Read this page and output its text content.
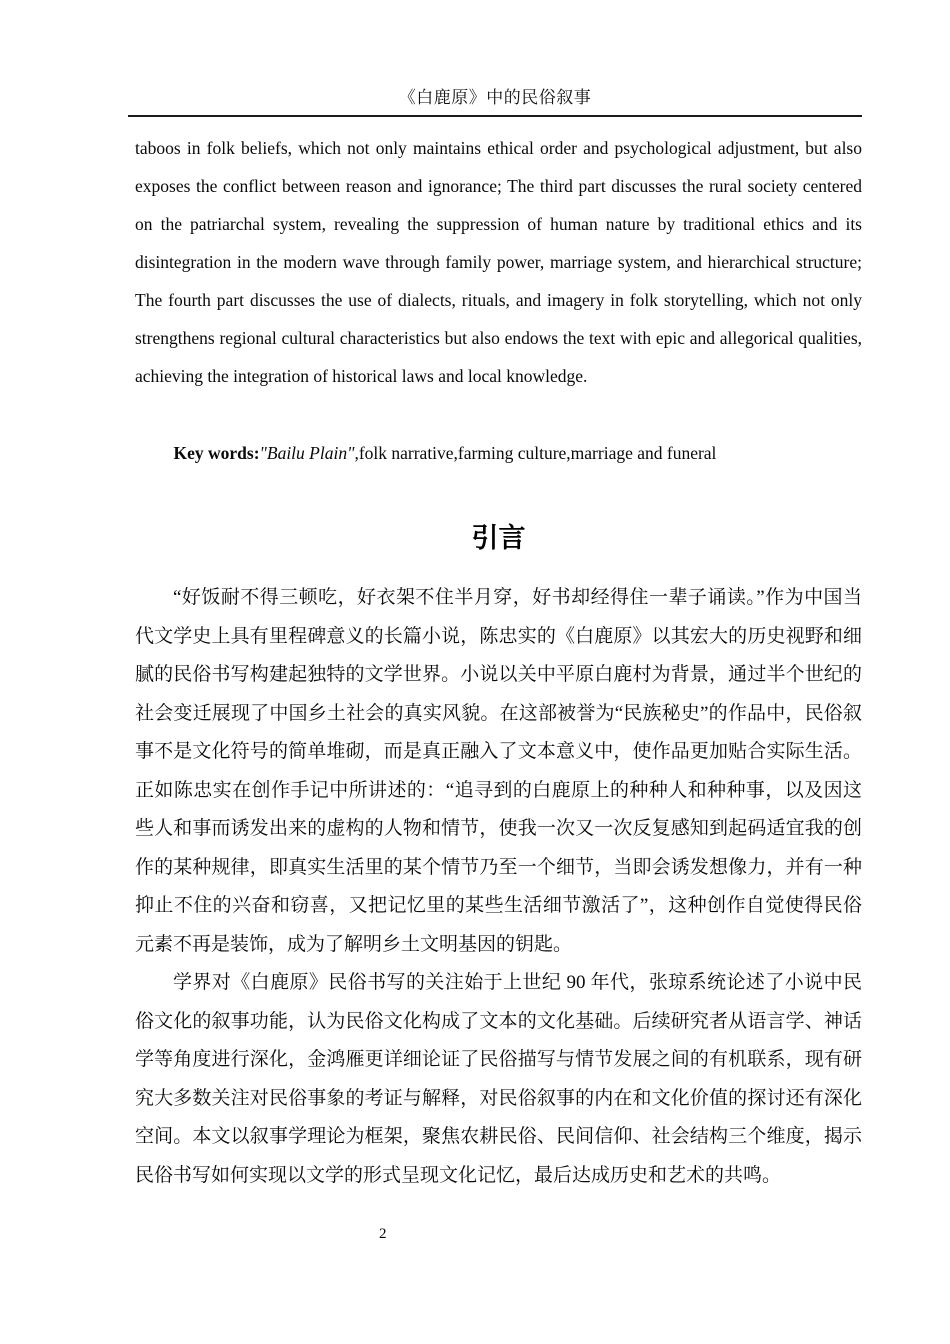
《白鹿原》中的民俗叙事

taboos in folk beliefs, which not only maintains ethical order and psychological adjustment, but also exposes the conflict between reason and ignorance; The third part discusses the rural society centered on the patriarchal system, revealing the suppression of human nature by traditional ethics and its disintegration in the modern wave through family power, marriage system, and hierarchical structure; The fourth part discusses the use of dialects, rituals, and imagery in folk storytelling, which not only strengthens regional cultural characteristics but also endows the text with epic and allegorical qualities, achieving the integration of historical laws and local knowledge.

Key words:"Bailu Plain",folk narrative,farming culture,marriage and funeral

引言

“好饭耐不得三顿吃，好衣架不住半月穿，好书却经得住一辈子诵读。”作为中国当代文学史上具有里程碑意义的长篇小说，陈忠实的《白鹿原》以其宏大的历史视野和细腻的民俗书写构建起独特的文学世界。小说以关中平原白鹿村为背景，通过半个世纪的社会变迁展现了中国乡土社会的真实风貌。在这部被誉为“民族秘史”的作品中，民俗叙事不是文化符号的简单堆砌，而是真正融入了文本意义中，使作品更加贴合实际生活。正如陈忠实在创作手记中所讲述的：“追寻到的白鹿原上的种种人和种种事，以及因这些人和事而诱发出来的虚构的人物和情节，使我一次又一次反复感知到起码适宜我的创作的某种规律，即真实生活里的某个情节乃至一个细节，当即会诱发想像力，并有一种抑止不住的兴奋和窃喜，又把记忆里的某些生活细节激活了”，这种创作自觉使得民俗元素不再是装饰，成为了解明乡土文明基因的钥匙。

学界对《白鹿原》民俗书写的关注始于上世纪 90 年代，张琼系统论述了小说中民俗文化的叙事功能，认为民俗文化构成了文本的文化基础。后续研究者从语言学、神话学等角度进行深化，金鸿雁更详细论证了民俗描写与情节发展之间的有机联系，现有研究大多数关注对民俗事象的考证与解释，对民俗叙事的内在和文化价值的探讨还有深化空间。本文以叙事学理论为框架，聚焦农耕民俗、民间信仰、社会结构三个维度，揭示民俗书写如何实现以文学的形式呈现文化记忆，最后达成历史和艺术的共鸣。

2
